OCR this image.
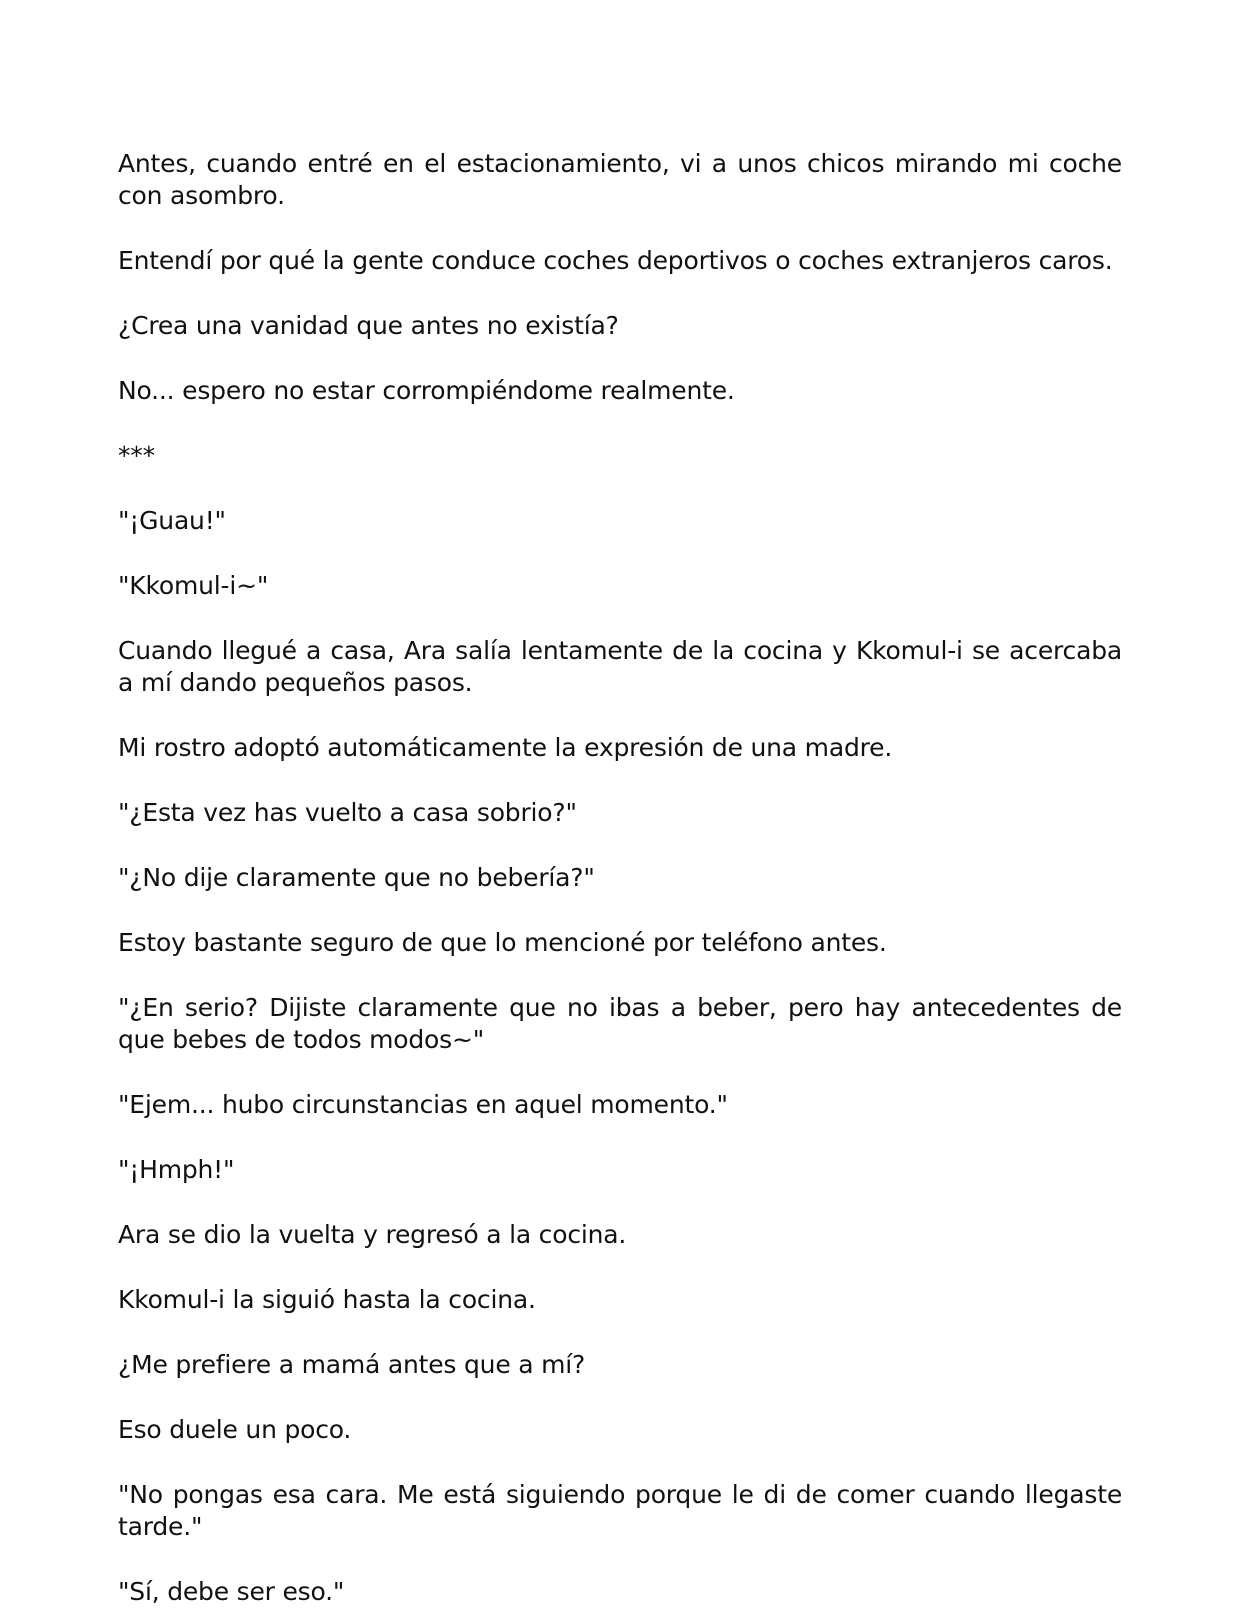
Antes, cuando entré en el estacionamiento, vi a unos chicos mirando mi coche con asombro.

Entendí por qué la gente conduce coches deportivos o coches extranjeros caros.

¿Crea una vanidad que antes no existía?

No... espero no estar corrompiéndome realmente.

***

"¡Guau!"

"Kkomul-i~"

Cuando llegué a casa, Ara salía lentamente de la cocina y Kkomul-i se acercaba a mí dando pequeños pasos.

Mi rostro adoptó automáticamente la expresión de una madre.

"¿Esta vez has vuelto a casa sobrio?"

"¿No dije claramente que no bebería?"

Estoy bastante seguro de que lo mencioné por teléfono antes.

"¿En serio? Dijiste claramente que no ibas a beber, pero hay antecedentes de que bebes de todos modos~"

"Ejem... hubo circunstancias en aquel momento."

"¡Hmph!"

Ara se dio la vuelta y regresó a la cocina.

Kkomul-i la siguió hasta la cocina.

¿Me prefiere a mamá antes que a mí?

Eso duele un poco.

"No pongas esa cara. Me está siguiendo porque le di de comer cuando llegaste tarde."

"Sí, debe ser eso."
